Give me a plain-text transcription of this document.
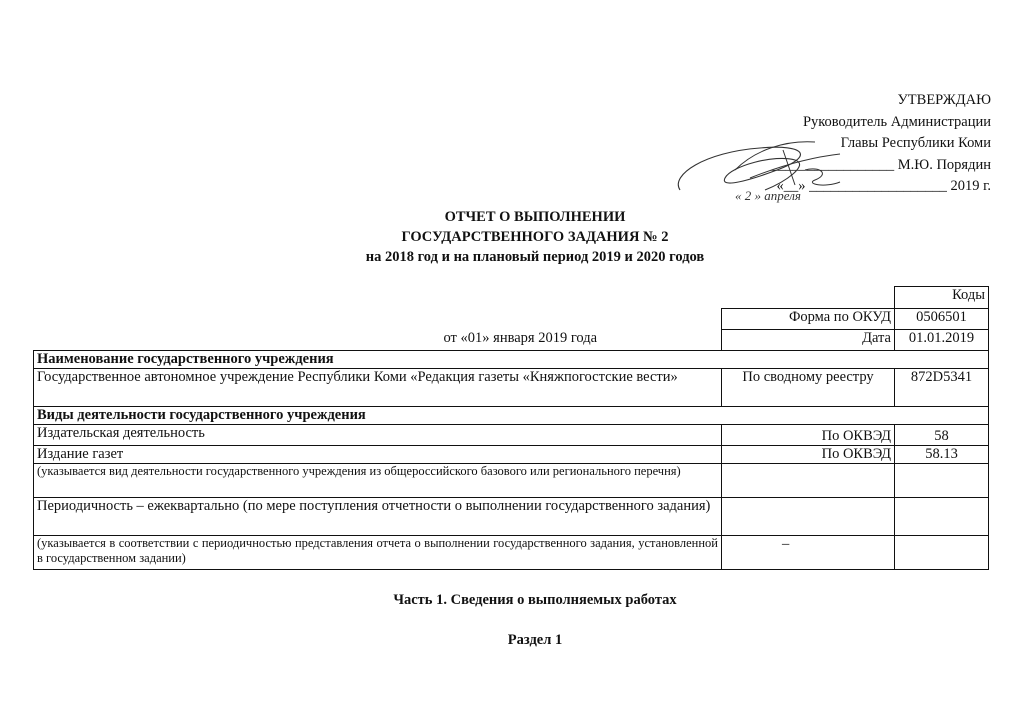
УТВЕРЖДАЮ
Руководитель Администрации
Главы Республики Коми
_________________ М.Ю. Порядин
«__» ___________________ 2019 г.
« 2 » апреля
ОТЧЕТ О ВЫПОЛНЕНИИ
ГОСУДАРСТВЕННОГО ЗАДАНИЯ № 2
на 2018 год и на плановый период 2019 и 2020 годов
		Коды
	Форма по ОКУД	0506501
от «01» января 2019 года	Дата	01.01.2019
Наименование государственного учреждения		
Государственное автономное учреждение Республики Коми «Редакция газеты «Княжпогостские вести»	По сводному реестру	872D5341
Виды деятельности государственного учреждения		
Издательская деятельность	По ОКВЭД	58
Издание газет	По ОКВЭД	58.13
(указывается вид деятельности государственного учреждения из общероссийского базового или регионального перечня)		
Периодичность – ежеквартально (по мере поступления отчетности о выполнении государственного задания)		
(указывается в соответствии с периодичностью представления отчета о выполнении государственного задания, установленной в государственном задании)	–	
Часть 1. Сведения о выполняемых работах
Раздел 1
